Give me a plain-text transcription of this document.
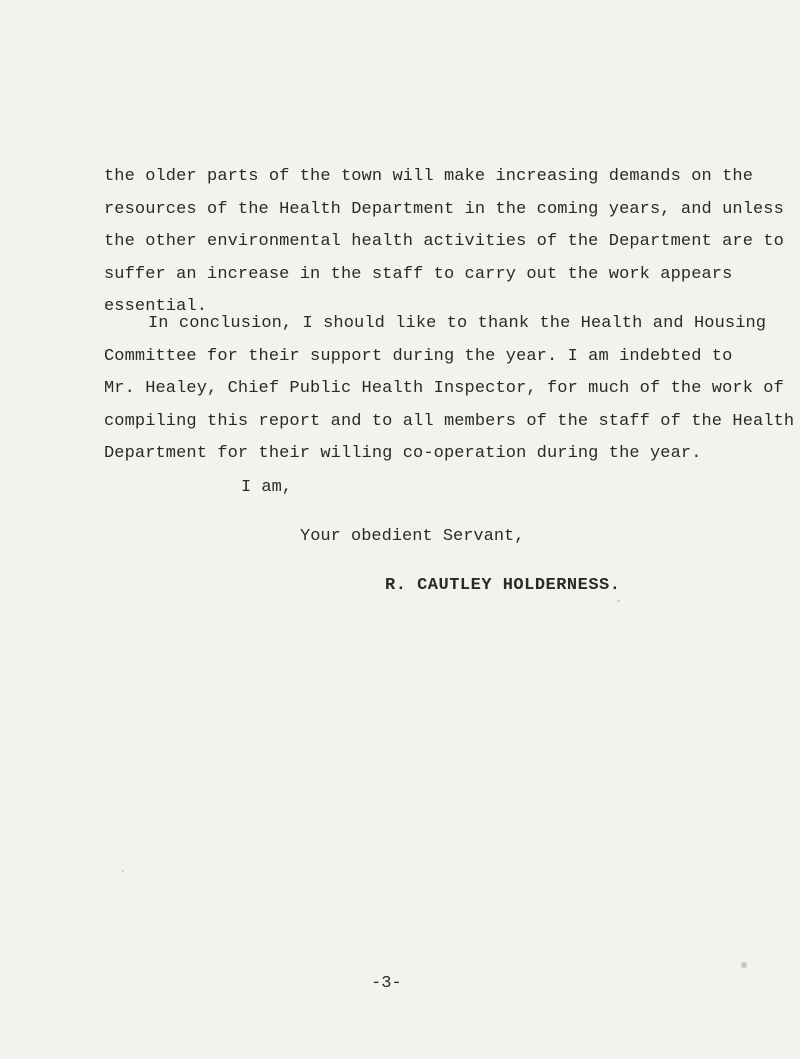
the older parts of the town will make increasing demands on the
resources of the Health Department in the coming years, and unless
the other environmental health activities of the Department are to
suffer an increase in the staff to carry out the work appears
essential.
In conclusion, I should like to thank the Health and Housing
Committee for their support during the year. I am indebted to
Mr. Healey, Chief Public Health Inspector, for much of the work of
compiling this report and to all members of the staff of the Health
Department for their willing co-operation during the year.
I am,
Your obedient Servant,
R. CAUTLEY HOLDERNESS.
-3-
